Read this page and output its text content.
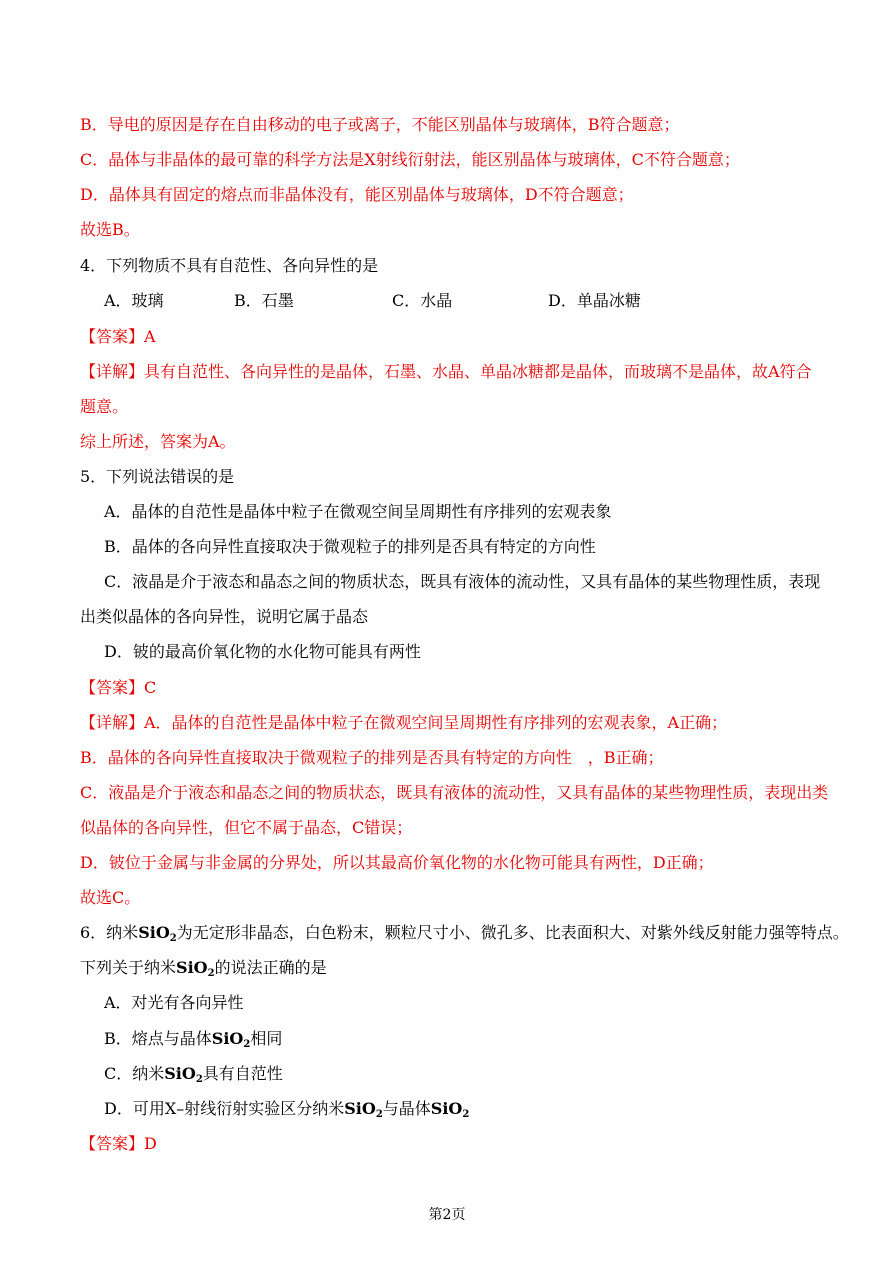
B．导电的原因是存在自由移动的电子或离子，不能区别晶体与玻璃体，B符合题意；
C．晶体与非晶体的最可靠的科学方法是X射线衍射法，能区别晶体与玻璃体，C不符合题意；
D．晶体具有固定的熔点而非晶体没有，能区别晶体与玻璃体，D不符合题意；
故选B。
4．下列物质不具有自范性、各向异性的是
A．玻璃	B．石墨	C．水晶	D．单晶冰糖
【答案】A
【详解】具有自范性、各向异性的是晶体，石墨、水晶、单晶冰糖都是晶体，而玻璃不是晶体，故A符合
题意。
综上所述，答案为A。
5．下列说法错误的是
A．晶体的自范性是晶体中粒子在微观空间呈周期性有序排列的宏观表象
B．晶体的各向异性直接取决于微观粒子的排列是否具有特定的方向性
C．液晶是介于液态和晶态之间的物质状态，既具有液体的流动性，又具有晶体的某些物理性质，表现
出类似晶体的各向异性，说明它属于晶态
D．铍的最高价氧化物的水化物可能具有两性
【答案】C
【详解】A．晶体的自范性是晶体中粒子在微观空间呈周期性有序排列的宏观表象，A正确；
B．晶体的各向异性直接取决于微观粒子的排列是否具有特定的方向性　，B正确；
C．液晶是介于液态和晶态之间的物质状态，既具有液体的流动性，又具有晶体的某些物理性质，表现出类
似晶体的各向异性，但它不属于晶态，C错误；
D．铍位于金属与非金属的分界处，所以其最高价氧化物的水化物可能具有两性，D正确；
故选C。
6．纳米SiO$_2$为无定形非晶态，白色粉末，颗粒尺寸小、微孔多、比表面积大、对紫外线反射能力强等特点。
下列关于纳米SiO$_2$的说法正确的是
A．对光有各向异性
B．熔点与晶体SiO$_2$相同
C．纳米SiO$_2$具有自范性
D．可用X–射线衍射实验区分纳米SiO$_2$与晶体SiO$_2$
【答案】D
第2页
